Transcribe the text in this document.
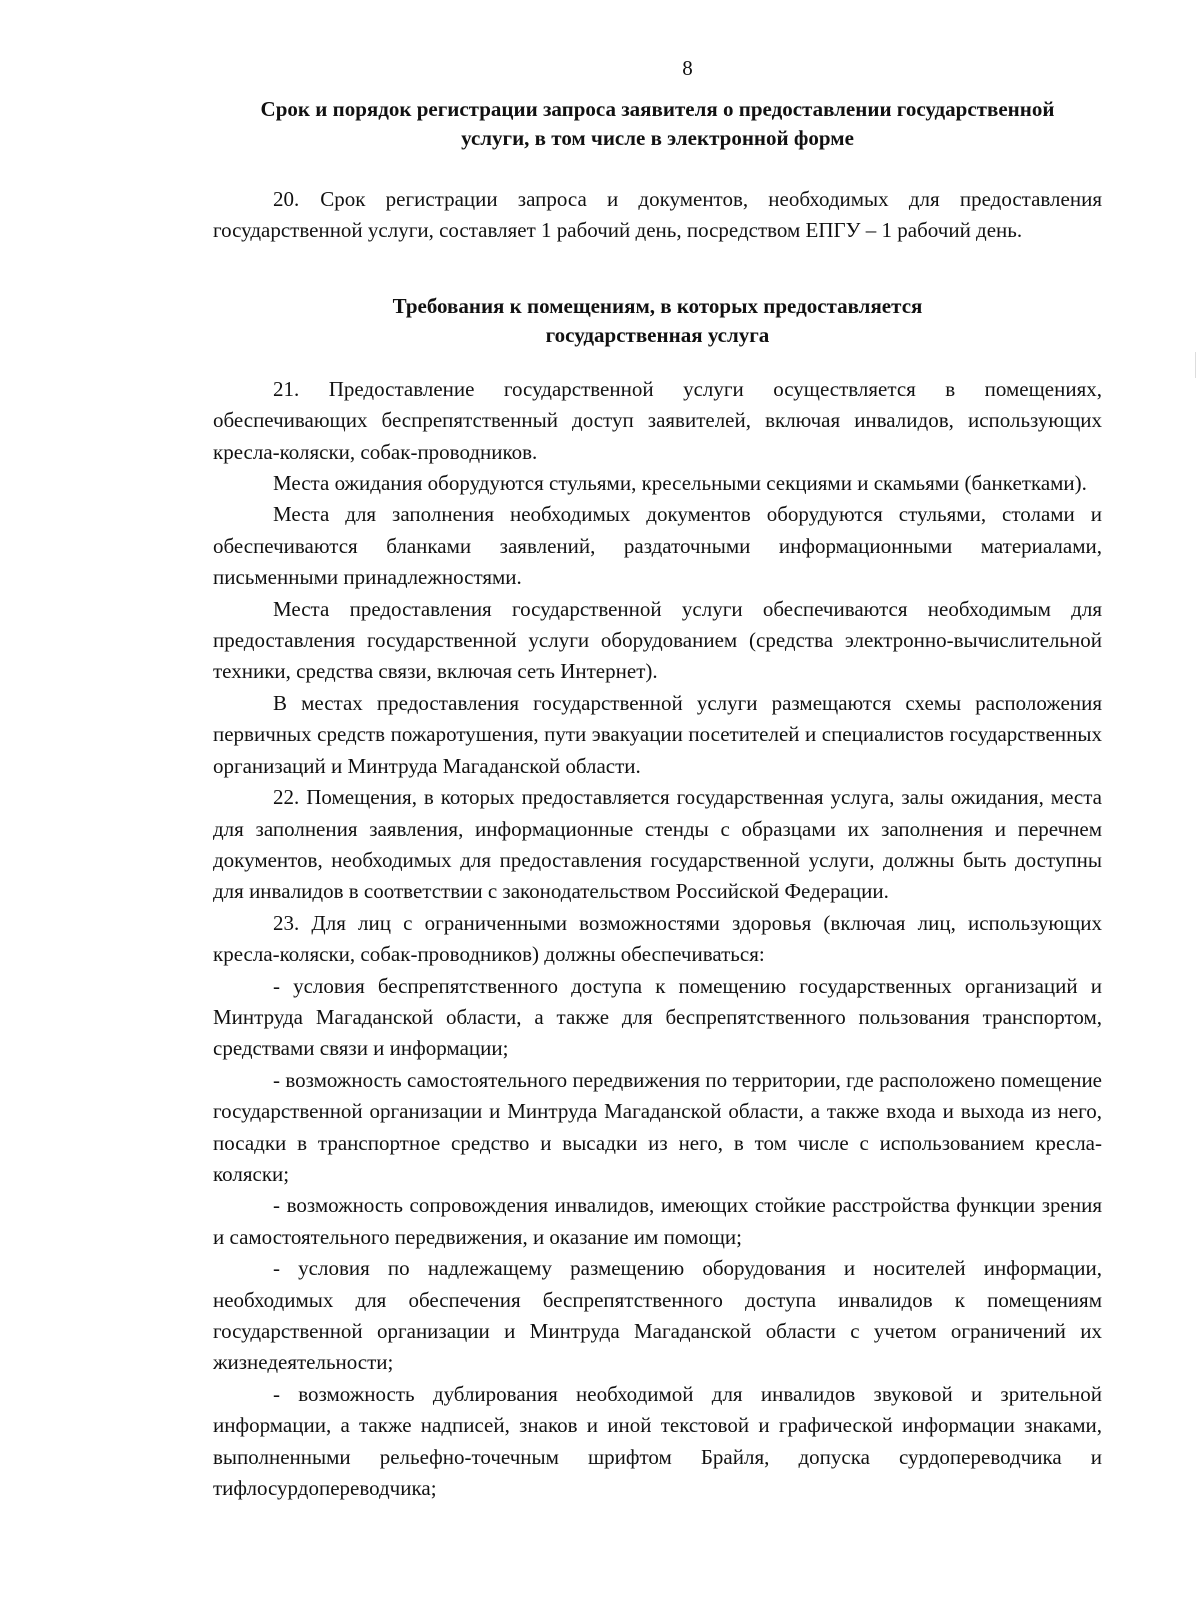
8
Срок и порядок регистрации запроса заявителя о предоставлении государственной
услуги, в том числе в электронной форме

20. Срок регистрации запроса и документов, необходимых для предоставления государственной услуги, составляет 1 рабочий день, посредством ЕПГУ – 1 рабочий день.

Требования к помещениям, в которых предоставляется
государственная услуга

21. Предоставление государственной услуги осуществляется в помещениях, обеспечивающих беспрепятственный доступ заявителей, включая инвалидов, использующих кресла-коляски, собак-проводников.

Места ожидания оборудуются стульями, кресельными секциями и скамьями (банкетками).

Места для заполнения необходимых документов оборудуются стульями, столами и обеспечиваются бланками заявлений, раздаточными информационными материалами, письменными принадлежностями.

Места предоставления государственной услуги обеспечиваются необходимым для предоставления государственной услуги оборудованием (средства электронно-вычислительной техники, средства связи, включая сеть Интернет).

В местах предоставления государственной услуги размещаются схемы расположения первичных средств пожаротушения, пути эвакуации посетителей и специалистов государственных организаций и Минтруда Магаданской области.

22. Помещения, в которых предоставляется государственная услуга, залы ожидания, места для заполнения заявления, информационные стенды с образцами их заполнения и перечнем документов, необходимых для предоставления государственной услуги, должны быть доступны для инвалидов в соответствии с законодательством Российской Федерации.

23. Для лиц с ограниченными возможностями здоровья (включая лиц, использующих кресла-коляски, собак-проводников) должны обеспечиваться:

- условия беспрепятственного доступа к помещению государственных организаций и Минтруда Магаданской области, а также для беспрепятственного пользования транспортом, средствами связи и информации;

- возможность самостоятельного передвижения по территории, где расположено помещение государственной организации и Минтруда Магаданской области, а также входа и выхода из него, посадки в транспортное средство и высадки из него, в том числе с использованием кресла-коляски;

- возможность сопровождения инвалидов, имеющих стойкие расстройства функции зрения и самостоятельного передвижения, и оказание им помощи;

- условия по надлежащему размещению оборудования и носителей информации, необходимых для обеспечения беспрепятственного доступа инвалидов к помещениям государственной организации и Минтруда Магаданской области с учетом ограничений их жизнедеятельности;

- возможность дублирования необходимой для инвалидов звуковой и зрительной информации, а также надписей, знаков и иной текстовой и графической информации знаками, выполненными рельефно-точечным шрифтом Брайля, допуска сурдопереводчика и тифлосурдопереводчика;
